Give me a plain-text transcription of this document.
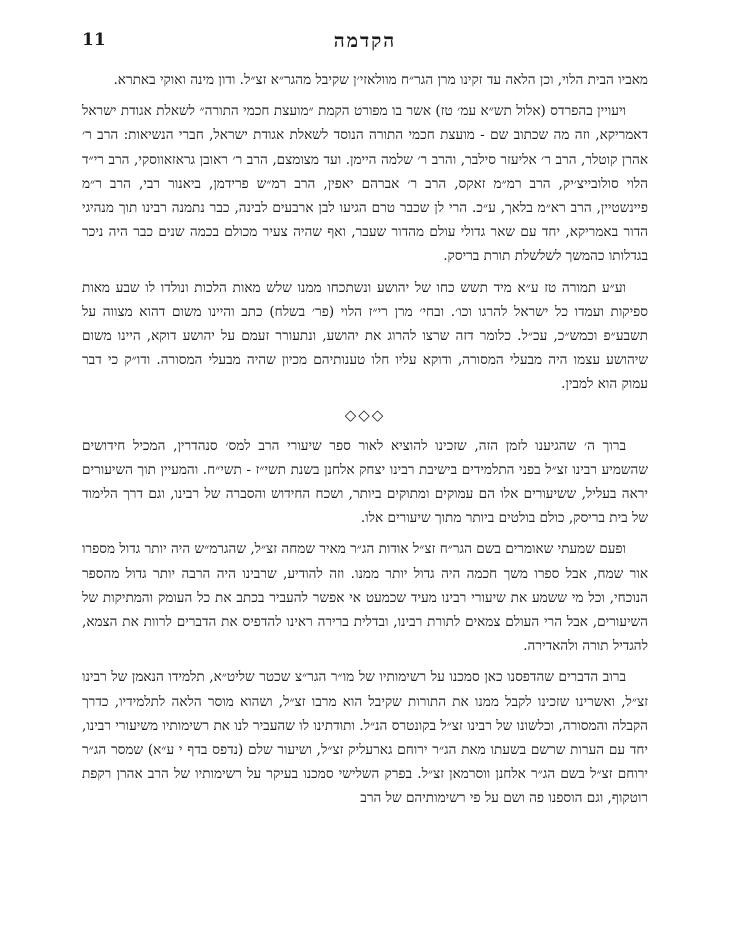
11	הקדמה

מאביו הבית הלוי, וכן הלאה עד זקינו מרן הגר״ח מוולאזי׳ן שקיבל מהגר״א זצ״ל. ודון מינה ואוקי באתרא.

ויעויין בהפרדס (אלול תש״א עמ׳ טז) אשר בו מפורט הקמת ״מועצת חכמי התורה״ לשאלת אגודת ישראל דאמריקא, וזה מה שכתוב שם - מועצת חכמי התורה הנוסד לשאלת אגודת ישראל, חברי הנשיאות: הרב ר׳ אהרן קוטלר, הרב ר׳ אליעזר סילבר, והרב ר׳ שלמה היימן. ועד מצומצם, הרב ר׳ ראובן גראזאווסקי, הרב רי״ד הלוי סולובייצ׳יק, הרב רמ״מ זאקס, הרב ר׳ אברהם יאפין, הרב רמ״ש פרידמן, ביאנור רבי, הרב ר״מ פיינשטיין, הרב רא״מ בלאך, ע״כ. הרי לן שכבר טרם הגיעו לבן ארבעים לבינה, כבר נתמנה רבינו תוך מנהיגי הדור באמריקא, יחד עם שאר גדולי עולם מהדור שעבר, ואף שהיה צעיר מכולם בכמה שנים כבר היה ניכר בגדלותו כהמשך לשלשלת תורת בריסק.

וע״ע תמורה טז ע״א מיד תשש כחו של יהושע ונשתכחו ממנו שלש מאות הלכות ונולדו לו שבע מאות ספיקות ועמדו כל ישראל להרגו וכו׳. ובחי׳ מרן רי״ז הלוי (פר׳ בשלח) כתב והיינו משום דהוא מצווה על תשבע״פ וכמש״כ, עכ״ל. כלומר דזה שרצו להרוג את יהושע, ונתעורר זעמם על יהושע דוקא, היינו משום שיהושע עצמו היה מבעלי המסורה, ודוקא עליו חלו טענותיהם מכיון שהיה מבעלי המסורה. ודו״ק כי דבר עמוק הוא למבין.

◇◇◇

ברוך ה׳ שהגיענו לזמן הזה, שזכינו להוציא לאור ספר שיעורי הרב למס׳ סנהדרין, המכיל חידושים שהשמיע רבינו זצ״ל בפני התלמידים בישיבת רבינו יצחק אלחנן בשנת תשי״ז - תשי״ח. והמעיין תוך השיעורים יראה בעליל, ששיעורים אלו הם עמוקים ומתוקים ביותר, ושכח החידוש והסברה של רבינו, וגם דרך הלימוד של בית בריסק, כולם בולטים ביותר מתוך שיעורים אלו.

ופעם שמעתי שאומרים בשם הגר״ח זצ״ל אודות הג״ר מאיר שמחה זצ״ל, שהגרמ״ש היה יותר גדול מספרו אור שמח, אבל ספרו משך חכמה היה גדול יותר ממנו. וזה להודיע, שרבינו היה הרבה יותר גדול מהספר הנוכחי, וכל מי ששמע את שיעורי רבינו מעיד שכמעט אי אפשר להעביר בכתב את כל העומק והמתיקות של השיעורים, אבל הרי העולם צמאים לתורת רבינו, ובדלית ברירה ראינו להדפיס את הדברים לרוות את הצמא, להגדיל תורה ולהאדירה.

ברוב הדברים שהדפסנו כאן סמכנו על רשימותיו של מו״ר הגר״צ שכטר שליט״א, תלמידו הנאמן של רבינו זצ״ל, ואשרינו שזכינו לקבל ממנו את התורות שקיבל הוא מרבו זצ״ל, ושהוא מוסר הלאה לתלמידיו, כדרך הקבלה והמסורה, וכלשונו של רבינו זצ״ל בקונטרס הנ״ל. ותודתינו לו שהעביר לנו את רשימותיו משיעורי רבינו, יחד עם הערות שרשם בשעתו מאת הג״ר ירוחם גארעליק זצ״ל, ושיעור שלם (נדפס בדף י ע״א) שמסר הג״ר ירוחם זצ״ל בשם הג״ר אלחנן ווסרמאן זצ״ל. בפרק השלישי סמכנו בעיקר על רשימותיו של הרב אהרן רקפת רוטקוף, וגם הוספנו פה ושם על פי רשימותיהם של הרב
